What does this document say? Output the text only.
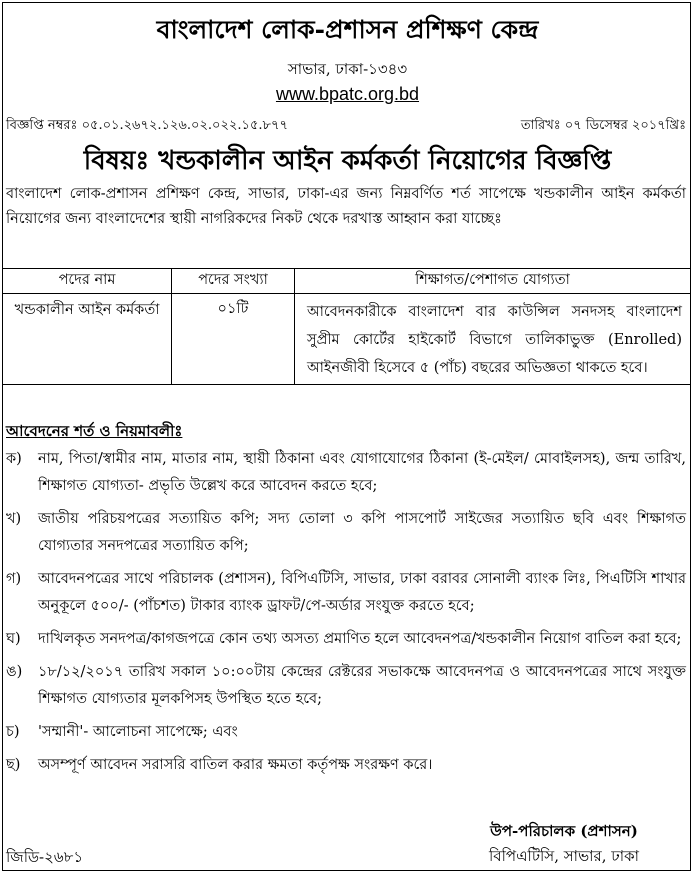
বাংলাদেশ লোক-প্রশাসন প্রশিক্ষণ কেন্দ্র
সাভার, ঢাকা-১৩৪৩
www.bpatc.org.bd
বিজ্ঞপ্তি নম্বরঃ ০৫.০১.২৬৭২.১২৬.০২.০২২.১৫.৮৭৭	তারিখঃ ০৭ ডিসেম্বর ২০১৭খ্রিঃ
বিষয়ঃ খন্ডকালীন আইন কর্মকর্তা নিয়োগের বিজ্ঞপ্তি
বাংলাদেশ লোক-প্রশাসন প্রশিক্ষণ কেন্দ্র, সাভার, ঢাকা-এর জন্য নিম্নবর্ণিত শর্ত সাপেক্ষে খন্ডকালীন আইন কর্মকর্তা নিয়োগের জন্য বাংলাদেশের স্থায়ী নাগরিকদের নিকট থেকে দরখাস্ত আহ্বান করা যাচ্ছেঃ
পদের নাম	পদের সংখ্যা	শিক্ষাগত/পেশাগত যোগ্যতা
খন্ডকালীন আইন কর্মকর্তা	০১টি	আবেদনকারীকে বাংলাদেশ বার কাউন্সিল সনদসহ বাংলাদেশ সুপ্রীম কোর্টের হাইকোর্ট বিভাগে তালিকাভুক্ত (Enrolled) আইনজীবী হিসেবে ৫ (পাঁচ) বছরের অভিজ্ঞতা থাকতে হবে।
আবেদনের শর্ত ও নিয়মাবলীঃ
ক)	নাম, পিতা/স্বামীর নাম, মাতার নাম, স্থায়ী ঠিকানা এবং যোগাযোগের ঠিকানা (ই-মেইল/ মোবাইলসহ), জন্ম তারিখ, শিক্ষাগত যোগ্যতা- প্রভৃতি উল্লেখ করে আবেদন করতে হবে;
খ)	জাতীয় পরিচয়পত্রের সত্যায়িত কপি; সদ্য তোলা ৩ কপি পাসপোর্ট সাইজের সত্যায়িত ছবি এবং শিক্ষাগত যোগ্যতার সনদপত্রের সত্যায়িত কপি;
গ)	আবেদনপত্রের সাথে পরিচালক (প্রশাসন), বিপিএটিসি, সাভার, ঢাকা বরাবর সোনালী ব্যাংক লিঃ, পিএটিসি শাখার অনুকূলে ৫০০/- (পাঁচশত) টাকার ব্যাংক ড্রাফট/পে-অর্ডার সংযুক্ত করতে হবে;
ঘ)	দাখিলকৃত সনদপত্র/কাগজপত্রে কোন তথ্য অসত্য প্রমাণিত হলে আবেদনপত্র/খন্ডকালীন নিয়োগ বাতিল করা হবে;
ঙ)	১৮/১২/২০১৭ তারিখ সকাল ১০:০০টায় কেন্দ্রের রেক্টরের সভাকক্ষে আবেদনপত্র ও আবেদনপত্রের সাথে সংযুক্ত শিক্ষাগত যোগ্যতার মূলকপিসহ উপস্থিত হতে হবে;
চ)	'সম্মানী'- আলোচনা সাপেক্ষে; এবং
ছ)	অসম্পূর্ণ আবেদন সরাসরি বাতিল করার ক্ষমতা কর্তৃপক্ষ সংরক্ষণ করে।
উপ-পরিচালক (প্রশাসন)
বিপিএটিসি, সাভার, ঢাকা
জিডি-২৬৮১
